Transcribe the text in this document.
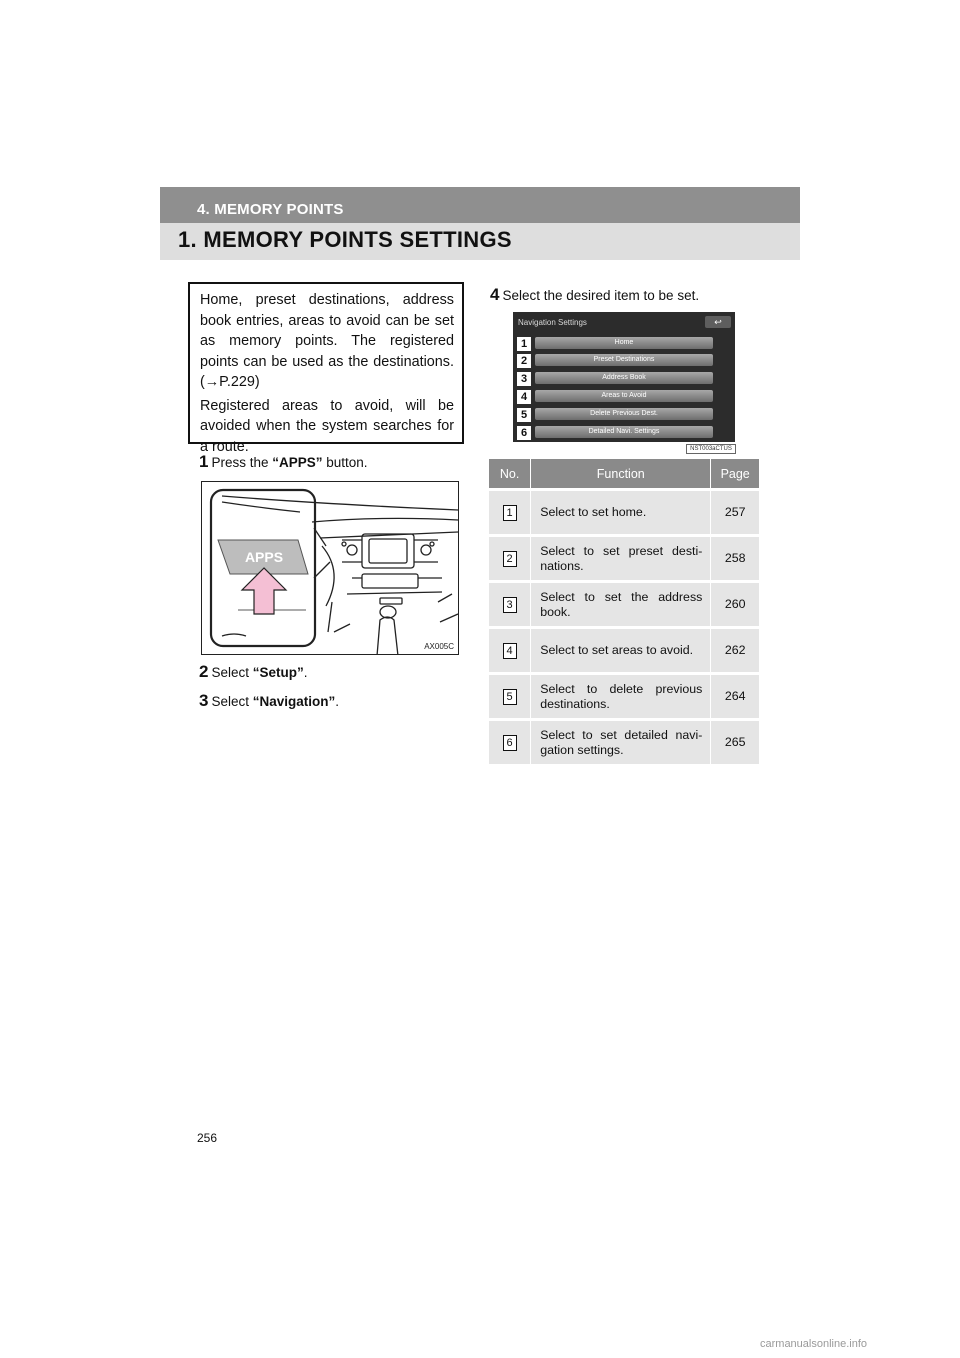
4. MEMORY POINTS
1. MEMORY POINTS SETTINGS

Home, preset destinations, address book entries, areas to avoid can be set as memory points. The registered points can be used as the destinations. (→P.229)

Registered areas to avoid, will be avoided when the system searches for a route.

1 Press the “APPS” button.
APPS
AX005C
2 Select “Setup”.
3 Select “Navigation”.
4 Select the desired item to be set.
Navigation Settings	↩
1	Home
2	Preset Destinations
3	Address Book
4	Areas to Avoid
5	Delete Previous Dest.
6	Detailed Navi. Settings
NST003aCTUS
No.	Function	Page
1	Select to set home.	257
2	Select to set preset desti-nations.	258
3	Select to set the address book.	260
4	Select to set areas to avoid.	262
5	Select to delete previous destinations.	264
6	Select to set detailed navi-gation settings.	265
256
carmanualsonline.info
